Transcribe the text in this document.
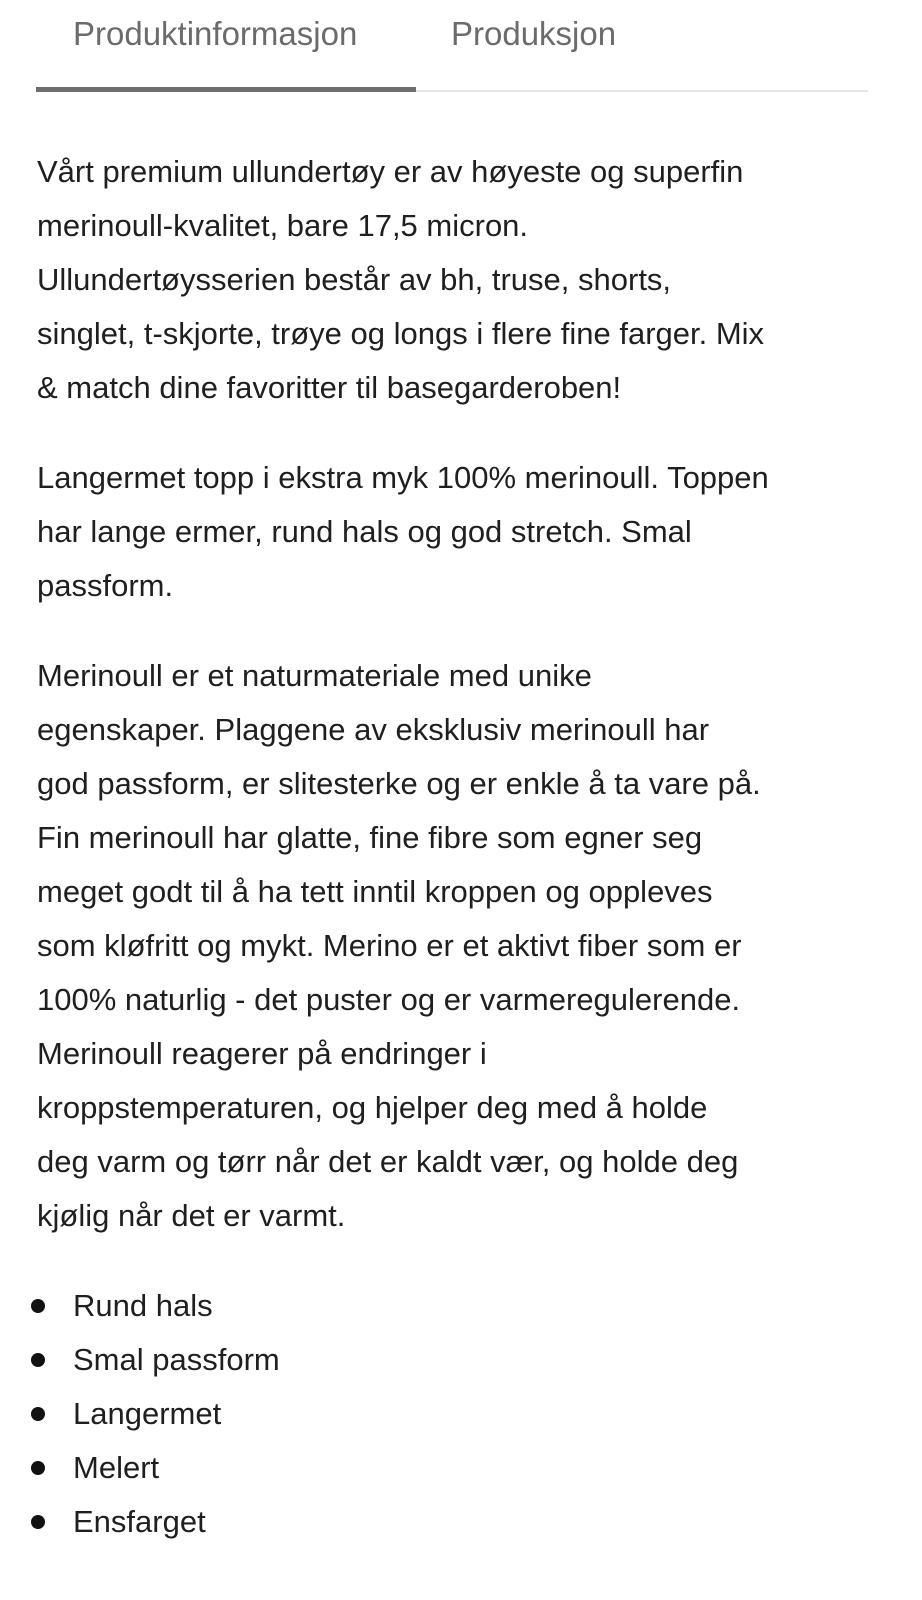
Produktinformasjon	Produksjon

Vårt premium ullundertøy er av høyeste og superfin
merinoull-kvalitet, bare 17,5 micron.
Ullundertøysserien består av bh, truse, shorts,
singlet, t-skjorte, trøye og longs i flere fine farger. Mix
& match dine favoritter til basegarderoben!

Langermet topp i ekstra myk 100% merinoull. Toppen
har lange ermer, rund hals og god stretch. Smal
passform.

Merinoull er et naturmateriale med unike
egenskaper. Plaggene av eksklusiv merinoull har
god passform, er slitesterke og er enkle å ta vare på.
Fin merinoull har glatte, fine fibre som egner seg
meget godt til å ha tett inntil kroppen og oppleves
som kløfritt og mykt. Merino er et aktivt fiber som er
100% naturlig - det puster og er varmeregulerende.
Merinoull reagerer på endringer i
kroppstemperaturen, og hjelper deg med å holde
deg varm og tørr når det er kaldt vær, og holde deg
kjølig når det er varmt.

Rund hals
Smal passform
Langermet
Melert
Ensfarget
